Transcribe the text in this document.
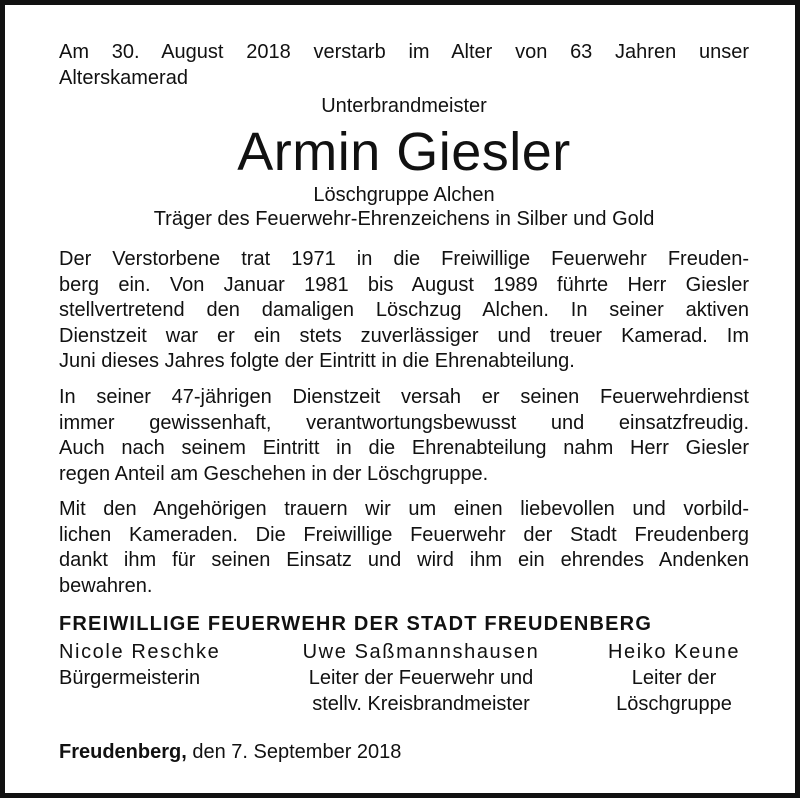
Am 30. August 2018 verstarb im Alter von 63 Jahren unser
Alterskamerad

Unterbrandmeister
Armin Giesler
Löschgruppe Alchen
Träger des Feuerwehr-Ehrenzeichens in Silber und Gold

Der Verstorbene trat 1971 in die Freiwillige Feuerwehr Freuden-
berg ein. Von Januar 1981 bis August 1989 führte Herr Giesler
stellvertretend den damaligen Löschzug Alchen. In seiner aktiven
Dienstzeit war er ein stets zuverlässiger und treuer Kamerad. Im
Juni dieses Jahres folgte der Eintritt in die Ehrenabteilung.

In seiner 47-jährigen Dienstzeit versah er seinen Feuerwehrdienst
immer gewissenhaft, verantwortungsbewusst und einsatzfreudig.
Auch nach seinem Eintritt in die Ehrenabteilung nahm Herr Giesler
regen Anteil am Geschehen in der Löschgruppe.

Mit den Angehörigen trauern wir um einen liebevollen und vorbild-
lichen Kameraden. Die Freiwillige Feuerwehr der Stadt Freudenberg
dankt ihm für seinen Einsatz und wird ihm ein ehrendes Andenken
bewahren.

FREIWILLIGE FEUERWEHR DER STADT FREUDENBERG
Nicole Reschke
Bürgermeisterin
Uwe Saßmannshausen
Leiter der Feuerwehr und
stellv. Kreisbrandmeister
Heiko Keune
Leiter der
Löschgruppe
Freudenberg, den 7. September 2018
